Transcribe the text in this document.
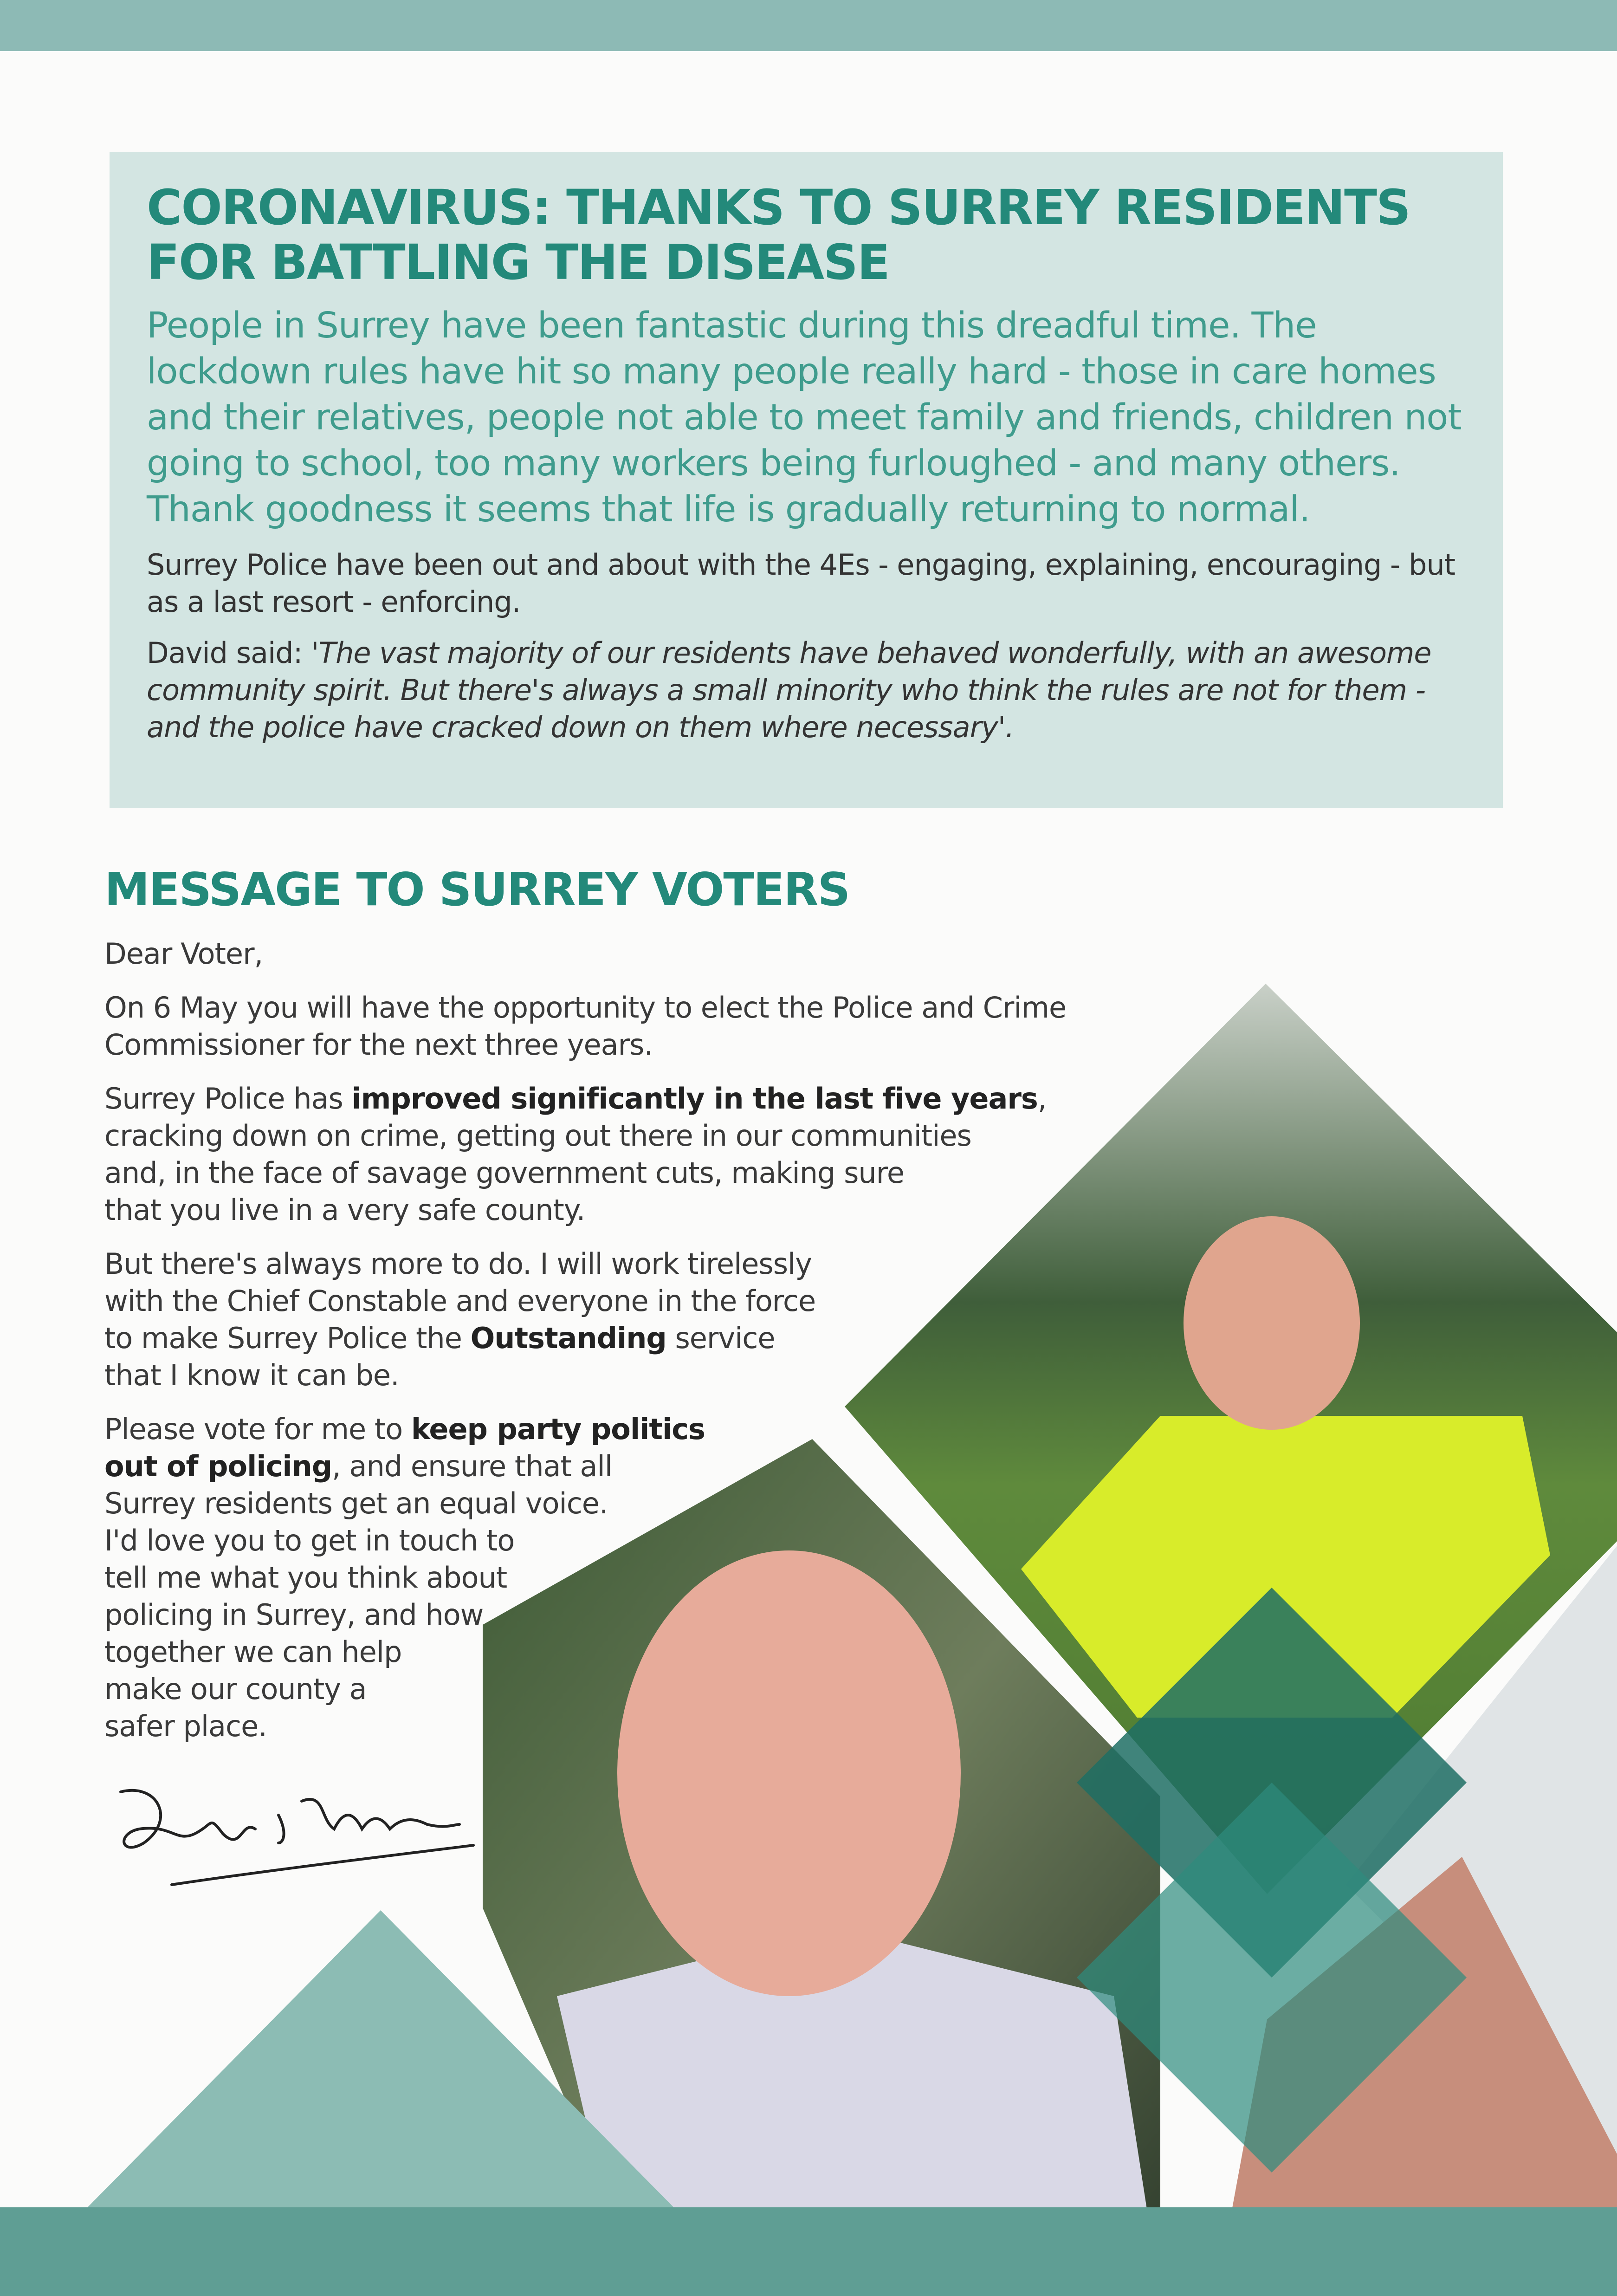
CORONAVIRUS: THANKS TO SURREY RESIDENTS FOR BATTLING THE DISEASE

People in Surrey have been fantastic during this dreadful time. The lockdown rules have hit so many people really hard - those in care homes and their relatives, people not able to meet family and friends, children not going to school, too many workers being furloughed - and many others. Thank goodness it seems that life is gradually returning to normal.

Surrey Police have been out and about with the 4Es - engaging, explaining, encouraging - but as a last resort - enforcing.

David said: 'The vast majority of our residents have behaved wonderfully, with an awesome community spirit. But there's always a small minority who think the rules are not for them - and the police have cracked down on them where necessary'.

MESSAGE TO SURREY VOTERS

Dear Voter,

On 6 May you will have the opportunity to elect the Police and Crime
Commissioner for the next three years.

Surrey Police has improved significantly in the last five years,
cracking down on crime, getting out there in our communities
and, in the face of savage government cuts, making sure
that you live in a very safe county.

But there's always more to do. I will work tirelessly
with the Chief Constable and everyone in the force
to make Surrey Police the Outstanding service
that I know it can be.

Please vote for me to keep party politics
out of policing, and ensure that all
Surrey residents get an equal voice.
I'd love you to get in touch to
tell me what you think about
policing in Surrey, and how
together we can help
make our county a
safer place.
